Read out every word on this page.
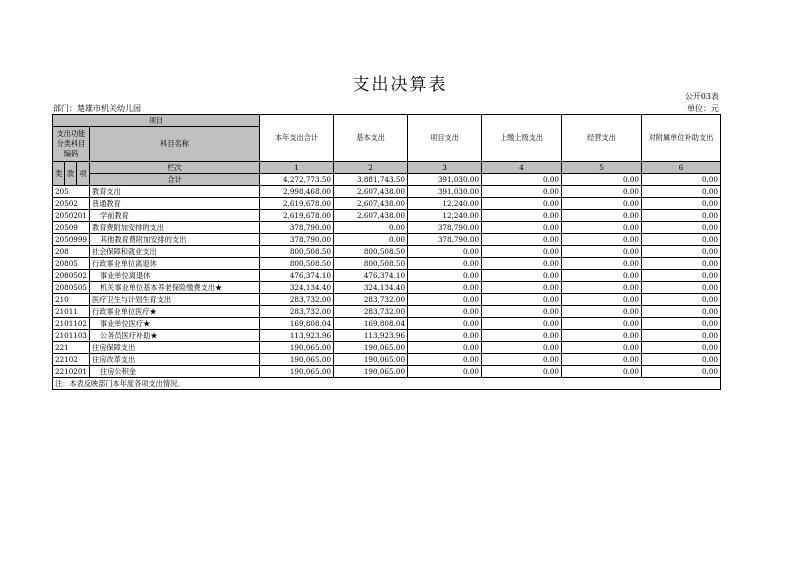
支出决算表
公开03表
部门：楚雄市机关幼儿园	单位：元
项目				本年支出合计	基本支出	项目支出	上缴上级支出	经营支出	对附属单位补助支出
支出功能分类科目编码			科目名称						

类	款	项	栏次	1	2	3	4	5	6
			合计	4,272,773.50	3,881,743.50	391,030.00	0.00	0.00	0.00
205			教育支出	2,998,468.00	2,607,438.00	391,030.00	0.00	0.00	0.00
20502			普通教育	2,619,678.00	2,607,438.00	12,240.00	0.00	0.00	0.00
2050201			学前教育	2,619,678.00	2,607,438.00	12,240.00	0.00	0.00	0.00
20509			教育费附加安排的支出	378,790.00	0.00	378,790.00	0.00	0.00	0.00
2050999			其他教育费附加安排的支出	378,790.00	0.00	378,790.00	0.00	0.00	0.00
208			社会保障和就业支出	800,508.50	800,508.50	0.00	0.00	0.00	0.00
20805			行政事业单位离退休	800,508.50	800,508.50	0.00	0.00	0.00	0.00
2080502			事业单位离退休	476,374.10	476,374.10	0.00	0.00	0.00	0.00
2080505			机关事业单位基本养老保险缴费支出★	324,134.40	324,134.40	0.00	0.00	0.00	0.00
210			医疗卫生与计划生育支出	283,732.00	283,732.00	0.00	0.00	0.00	0.00
21011			行政事业单位医疗★	283,732.00	283,732.00	0.00	0.00	0.00	0.00
2101102			事业单位医疗★	169,808.04	169,808.04	0.00	0.00	0.00	0.00
2101103			公务员医疗补助★	113,923.96	113,923.96	0.00	0.00	0.00	0.00
221			住房保障支出	190,065.00	190,065.00	0.00	0.00	0.00	0.00
22102			住房改革支出	190,065.00	190,065.00	0.00	0.00	0.00	0.00
2210201			住房公积金	190,065.00	190,065.00	0.00	0.00	0.00	0.00
注：本表反映部门本年度各项支出情况。									
